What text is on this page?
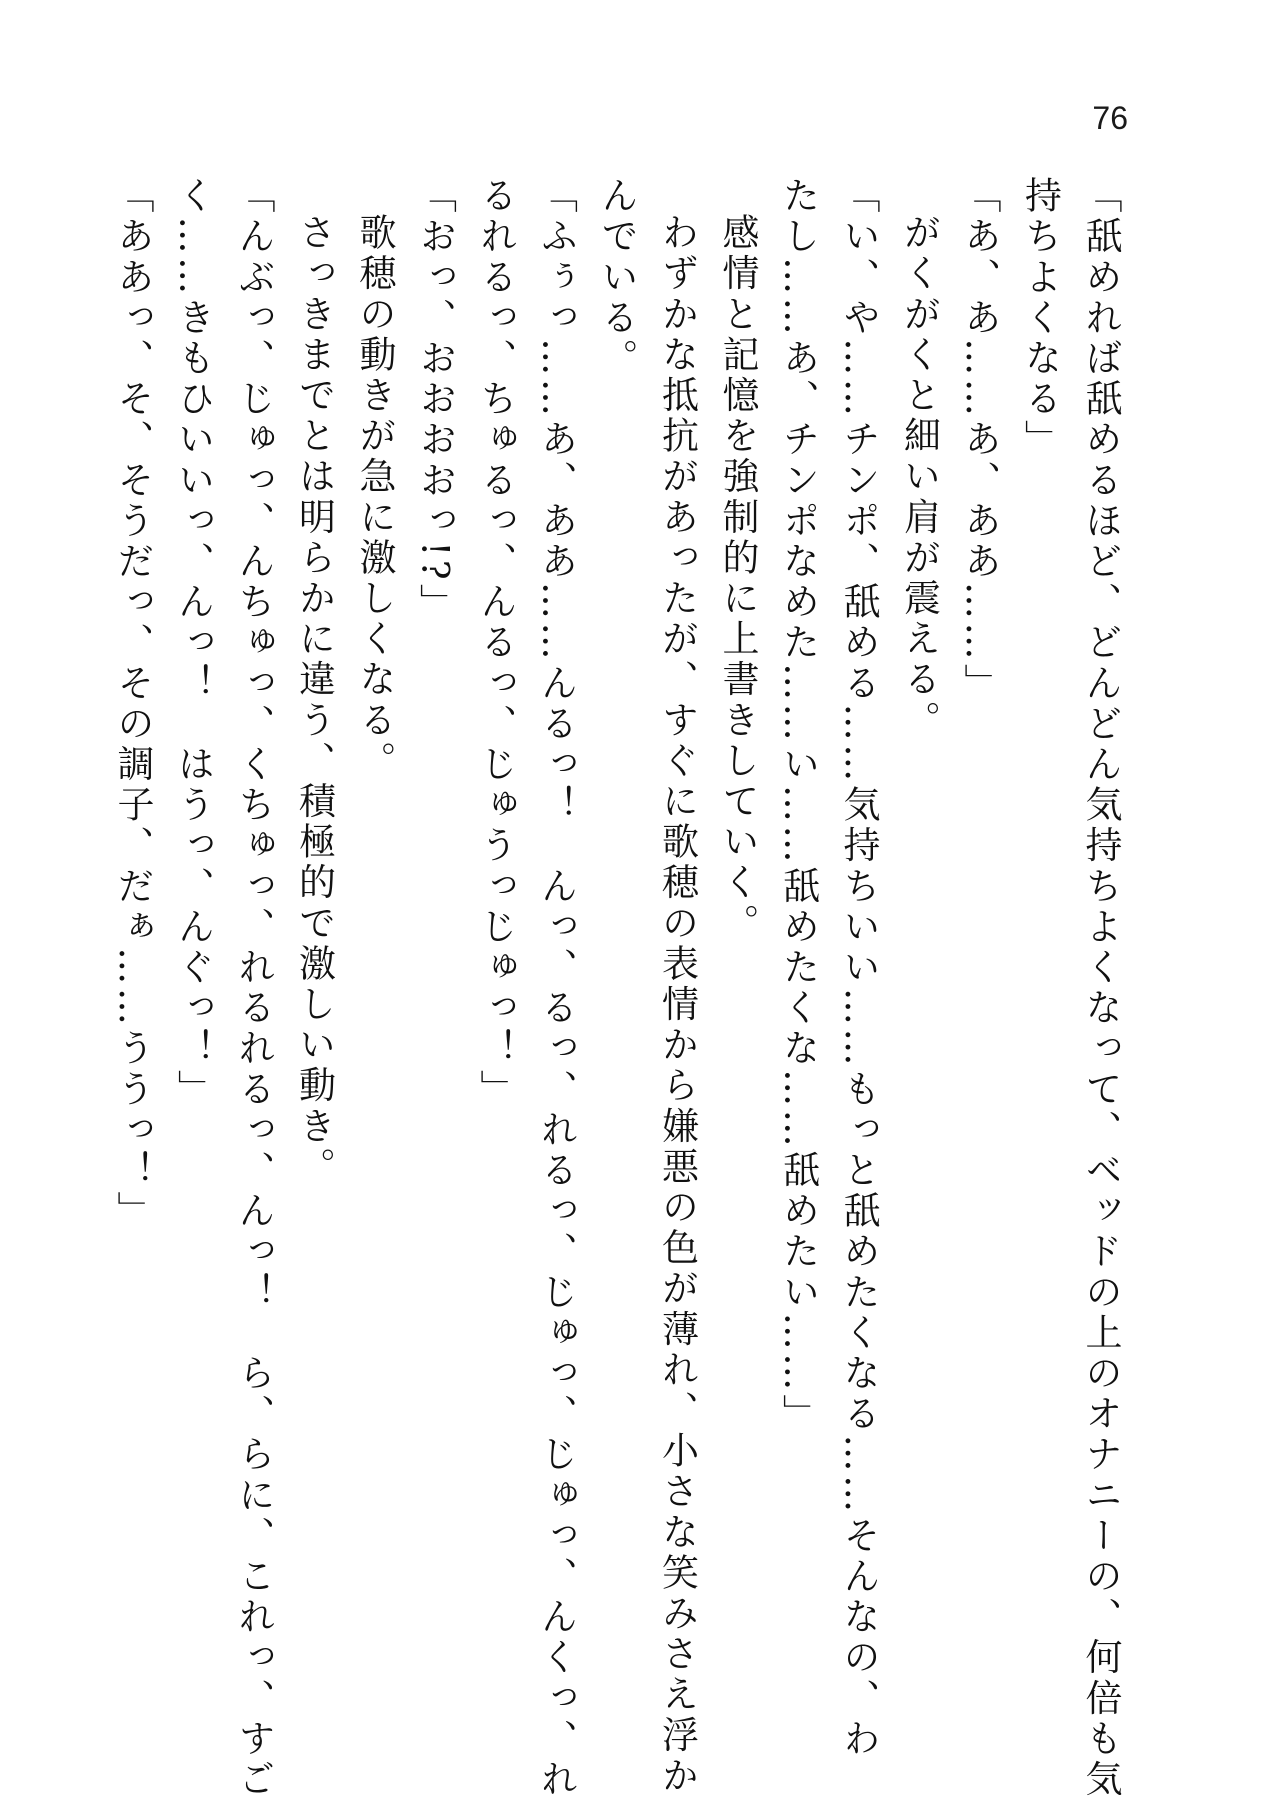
76
「舐めれば舐めるほど、どんどん気持ちよくなって、ベッドの上のオナニーの、何倍も気
持ちよくなる」
「あ、あ……あ、ああ……」
がくがくと細い肩が震える。
「い、や……チンポ、舐める……気持ちいい……もっと舐めたくなる……そんなの、わ
たし……あ、チンポなめた……い……舐めたくな……舐めたい……」
感情と記憶を強制的に上書きしていく。
わずかな抵抗があったが、すぐに歌穂の表情から嫌悪の色が薄れ、小さな笑みさえ浮か
んでいる。
「ふぅっ……あ、ああ……んるっ！　んっ、るっ、れるっ、じゅっ、じゅっ、んくっ、れ
るれるっ、ちゅるっ、んるっ、じゅうっじゅっ！」
「おっ、おおおおっ!?」
歌穂の動きが急に激しくなる。
さっきまでとは明らかに違う、積極的で激しい動き。
「んぶっ、じゅっ、んちゅっ、くちゅっ、れるれるっ、んっ！　ら、らに、これっ、すご
く……きもひいいっ、んっ！　はうっ、んぐっ！」
「ああっ、そ、そうだっ、その調子、だぁ……ううっ！」
